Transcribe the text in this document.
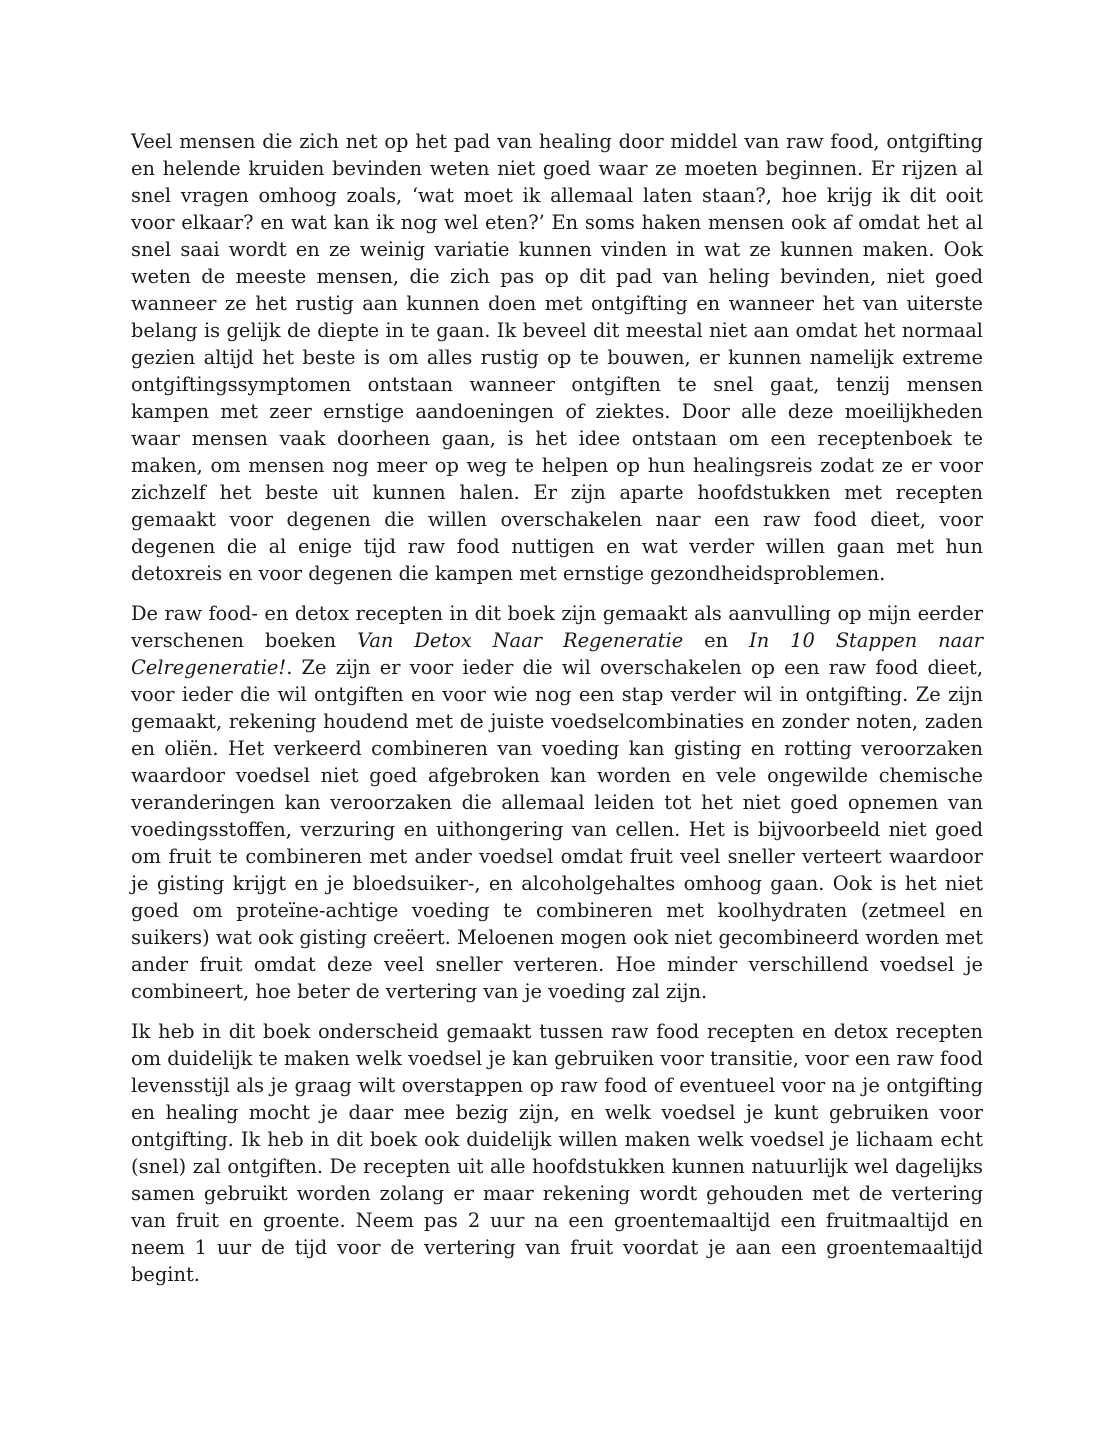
Veel mensen die zich net op het pad van healing door middel van raw food, ontgifting en helende kruiden bevinden weten niet goed waar ze moeten beginnen. Er rijzen al snel vragen omhoog zoals, ‘wat moet ik allemaal laten staan?, hoe krijg ik dit ooit voor elkaar? en wat kan ik nog wel eten?’ En soms haken mensen ook af omdat het al snel saai wordt en ze weinig variatie kunnen vinden in wat ze kunnen maken. Ook weten de meeste mensen, die zich pas op dit pad van heling bevinden, niet goed wanneer ze het rustig aan kunnen doen met ontgifting en wanneer het van uiterste belang is gelijk de diepte in te gaan. Ik beveel dit meestal niet aan omdat het normaal gezien altijd het beste is om alles rustig op te bouwen, er kunnen namelijk extreme ontgiftingssymptomen ontstaan wanneer ontgiften te snel gaat, tenzij mensen kampen met zeer ernstige aandoeningen of ziektes. Door alle deze moeilijkheden waar mensen vaak doorheen gaan, is het idee ontstaan om een receptenboek te maken, om mensen nog meer op weg te helpen op hun healingsreis zodat ze er voor zichzelf het beste uit kunnen halen. Er zijn aparte hoofdstukken met recepten gemaakt voor degenen die willen overschakelen naar een raw food dieet, voor degenen die al enige tijd raw food nuttigen en wat verder willen gaan met hun detoxreis en voor degenen die kampen met ernstige gezondheidsproblemen.

De raw food- en detox recepten in dit boek zijn gemaakt als aanvulling op mijn eerder verschenen boeken Van Detox Naar Regeneratie en In 10 Stappen naar Celregeneratie!. Ze zijn er voor ieder die wil overschakelen op een raw food dieet, voor ieder die wil ontgiften en voor wie nog een stap verder wil in ontgifting. Ze zijn gemaakt, rekening houdend met de juiste voedselcombinaties en zonder noten, zaden en oliën. Het verkeerd combineren van voeding kan gisting en rotting veroorzaken waardoor voedsel niet goed afgebroken kan worden en vele ongewilde chemische veranderingen kan veroorzaken die allemaal leiden tot het niet goed opnemen van voedingsstoffen, verzuring en uithongering van cellen. Het is bijvoorbeeld niet goed om fruit te combineren met ander voedsel omdat fruit veel sneller verteert waardoor je gisting krijgt en je bloedsuiker-, en alcoholgehaltes omhoog gaan. Ook is het niet goed om proteïne-achtige voeding te combineren met koolhydraten (zetmeel en suikers) wat ook gisting creëert. Meloenen mogen ook niet gecombineerd worden met ander fruit omdat deze veel sneller verteren. Hoe minder verschillend voedsel je combineert, hoe beter de vertering van je voeding zal zijn.

Ik heb in dit boek onderscheid gemaakt tussen raw food recepten en detox recepten om duidelijk te maken welk voedsel je kan gebruiken voor transitie, voor een raw food levensstijl als je graag wilt overstappen op raw food of eventueel voor na je ontgifting en healing mocht je daar mee bezig zijn, en welk voedsel je kunt gebruiken voor ontgifting. Ik heb in dit boek ook duidelijk willen maken welk voedsel je lichaam echt (snel) zal ontgiften. De recepten uit alle hoofdstukken kunnen natuurlijk wel dagelijks samen gebruikt worden zolang er maar rekening wordt gehouden met de vertering van fruit en groente. Neem pas 2 uur na een groentemaaltijd een fruitmaaltijd en neem 1 uur de tijd voor de vertering van fruit voordat je aan een groentemaaltijd begint.
